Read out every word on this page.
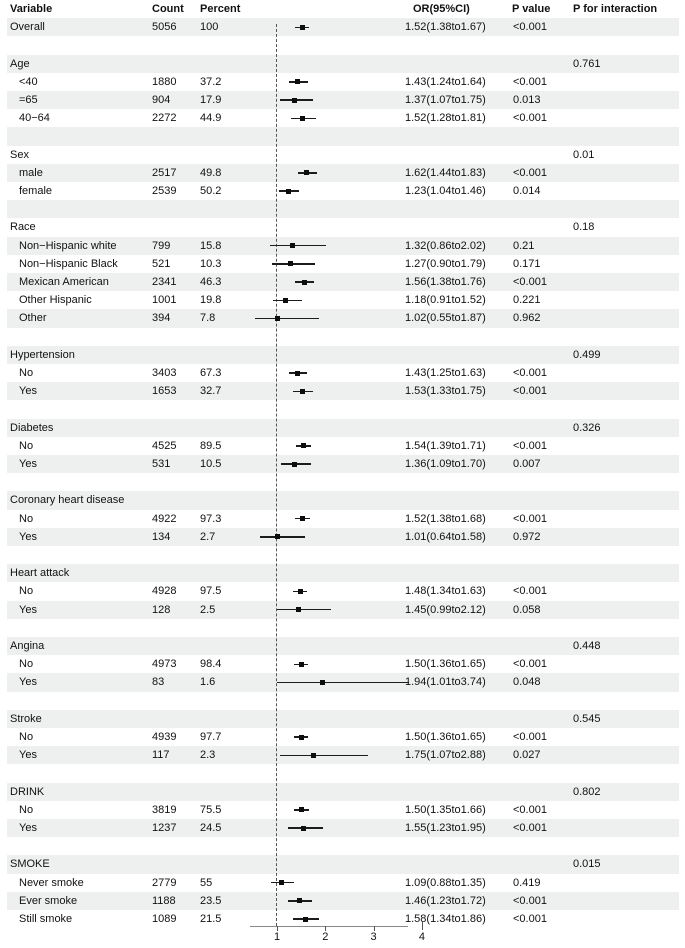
Variable	Count Percent	OR(95%CI)	P value P for interaction
Overall	5056 100	1.52(1.38to1.67) <0.001
Age	0.761
<40	1880 37.2	1.43(1.24to1.64) <0.001
=65	904	17.9	1.37(1.07to1.75) 0.013
40−64	2272 44.9	1.52(1.28to1.81) <0.001
Sex	0.01
male	2517 49.8	1.62(1.44to1.83) <0.001
female	2539 50.2	1.23(1.04to1.46) 0.014
Race	0.18
Non−Hispanic white	799	15.8	1.32(0.86to2.02) 0.21
Non−Hispanic Black	521	10.3	1.27(0.90to1.79) 0.171
Mexican American	2341 46.3	1.56(1.38to1.76) <0.001
Other Hispanic	1001 19.8	1.18(0.91to1.52) 0.221
Other	394	7.8	1.02(0.55to1.87) 0.962
Hypertension	0.499
No	3403 67.3	1.43(1.25to1.63) <0.001
Yes	1653 32.7	1.53(1.33to1.75) <0.001
Diabetes	0.326
No	4525 89.5	1.54(1.39to1.71) <0.001
Yes	531	10.5	1.36(1.09to1.70) 0.007
Coronary heart disease
No	4922 97.3	1.52(1.38to1.68) <0.001
Yes	134	2.7	1.01(0.64to1.58) 0.972
Heart attack
No	4928 97.5	1.48(1.34to1.63) <0.001
Yes	128	2.5	1.45(0.99to2.12) 0.058
Angina	0.448
No	4973 98.4	1.50(1.36to1.65) <0.001
Yes	83	1.6	1.94(1.01to3.74) 0.048
Stroke	0.545
No	4939 97.7	1.50(1.36to1.65) <0.001
Yes	117	2.3	1.75(1.07to2.88) 0.027
DRINK	0.802
No	3819 75.5	1.50(1.35to1.66) <0.001
Yes	1237 24.5	1.55(1.23to1.95) <0.001
SMOKE	0.015
Never smoke	2779 55	1.09(0.88to1.35) 0.419
Ever smoke	1188 23.5	1.46(1.23to1.72) <0.001
Still smoke	1089 21.5	1.58(1.34to1.86) <0.001
1	2	3	4
